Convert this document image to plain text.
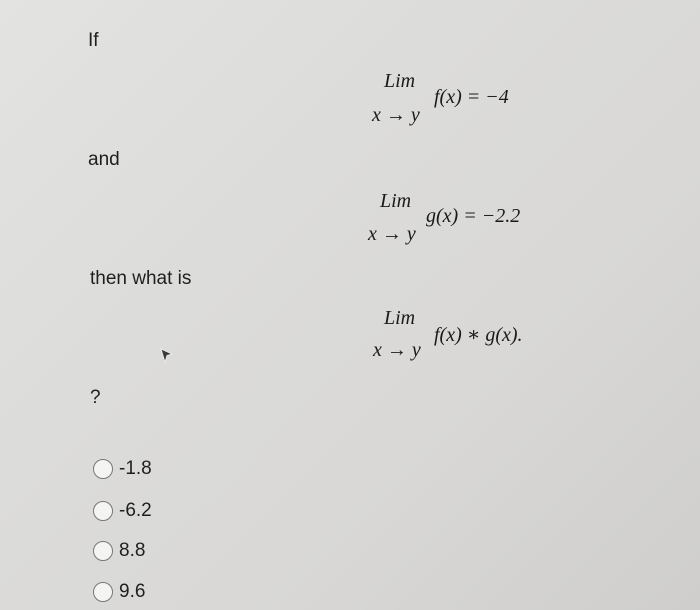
If
Lim
x → y
f(x) = −4
and
Lim
x → y
g(x) = −2.2
then what is
Lim
x → y
f(x) ∗ g(x).
?
-1.8
-6.2
8.8
9.6
